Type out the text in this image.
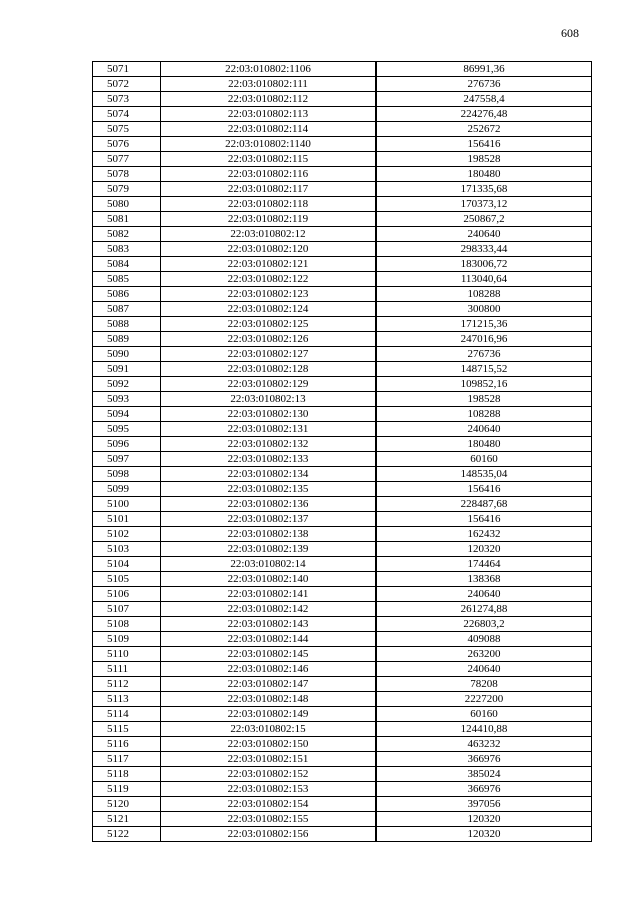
608
5071	22:03:010802:1106	86991,36
5072	22:03:010802:111	276736
5073	22:03:010802:112	247558,4
5074	22:03:010802:113	224276,48
5075	22:03:010802:114	252672
5076	22:03:010802:1140	156416
5077	22:03:010802:115	198528
5078	22:03:010802:116	180480
5079	22:03:010802:117	171335,68
5080	22:03:010802:118	170373,12
5081	22:03:010802:119	250867,2
5082	22:03:010802:12	240640
5083	22:03:010802:120	298333,44
5084	22:03:010802:121	183006,72
5085	22:03:010802:122	113040,64
5086	22:03:010802:123	108288
5087	22:03:010802:124	300800
5088	22:03:010802:125	171215,36
5089	22:03:010802:126	247016,96
5090	22:03:010802:127	276736
5091	22:03:010802:128	148715,52
5092	22:03:010802:129	109852,16
5093	22:03:010802:13	198528
5094	22:03:010802:130	108288
5095	22:03:010802:131	240640
5096	22:03:010802:132	180480
5097	22:03:010802:133	60160
5098	22:03:010802:134	148535,04
5099	22:03:010802:135	156416
5100	22:03:010802:136	228487,68
5101	22:03:010802:137	156416
5102	22:03:010802:138	162432
5103	22:03:010802:139	120320
5104	22:03:010802:14	174464
5105	22:03:010802:140	138368
5106	22:03:010802:141	240640
5107	22:03:010802:142	261274,88
5108	22:03:010802:143	226803,2
5109	22:03:010802:144	409088
5110	22:03:010802:145	263200
5111	22:03:010802:146	240640
5112	22:03:010802:147	78208
5113	22:03:010802:148	2227200
5114	22:03:010802:149	60160
5115	22:03:010802:15	124410,88
5116	22:03:010802:150	463232
5117	22:03:010802:151	366976
5118	22:03:010802:152	385024
5119	22:03:010802:153	366976
5120	22:03:010802:154	397056
5121	22:03:010802:155	120320
5122	22:03:010802:156	120320
